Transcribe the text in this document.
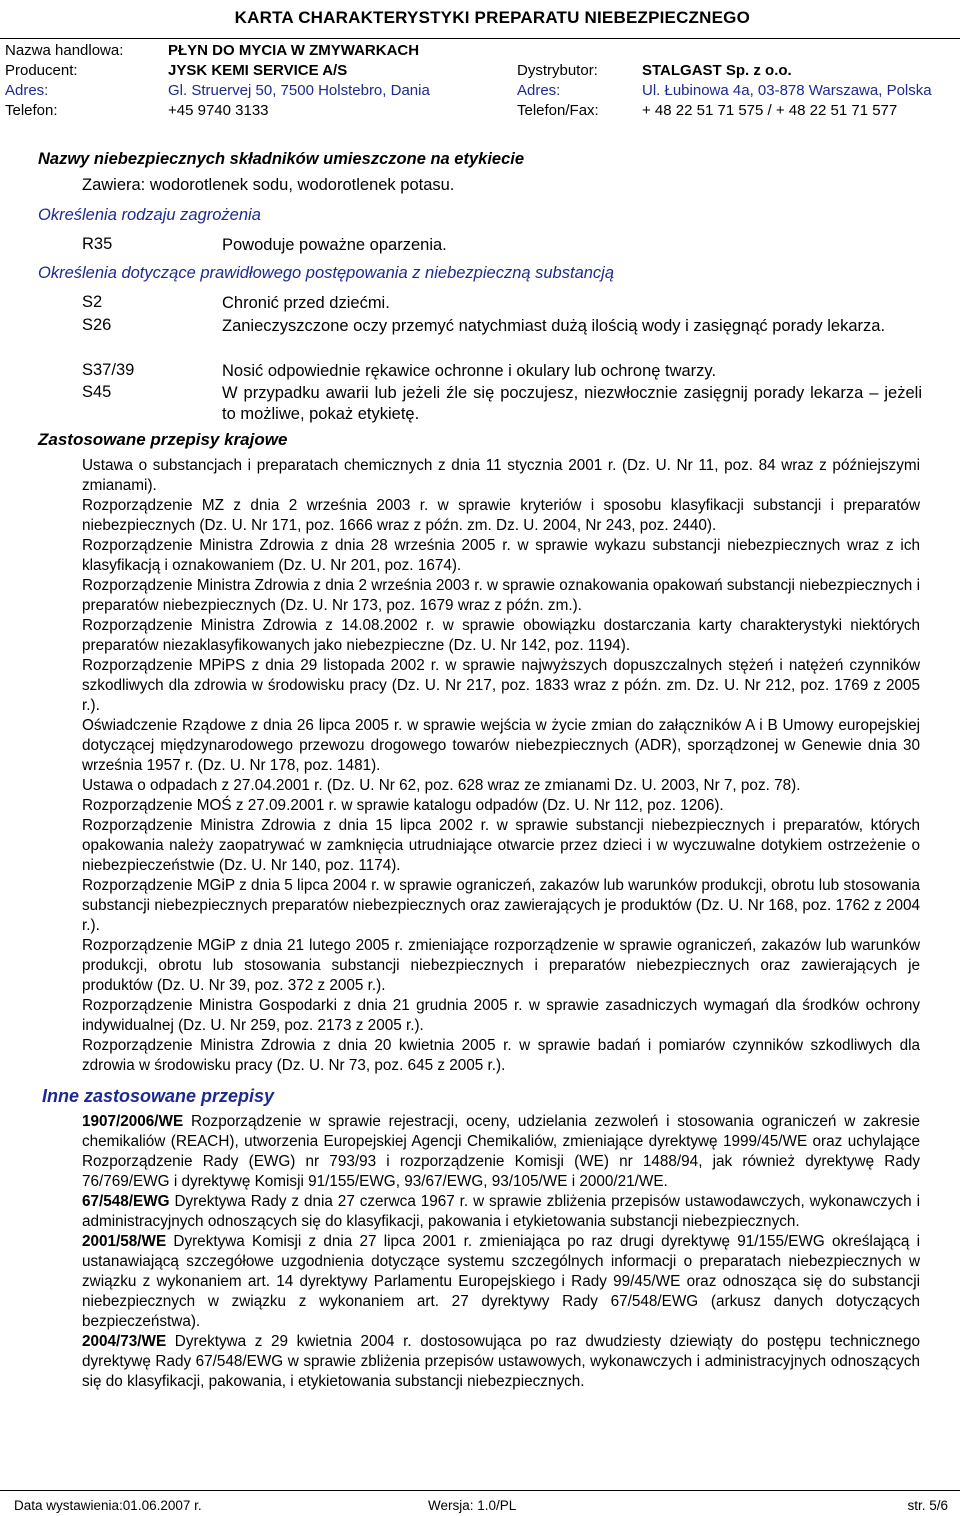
KARTA CHARAKTERYSTYKI PREPARATU NIEBEZPIECZNEGO
Nazwa handlowa:	PŁYN DO MYCIA W ZMYWARKACH
Producent:	JYSK KEMI SERVICE A/S	Dystrybutor:	STALGAST Sp. z o.o.
Adres:	Gl. Struervej 50, 7500 Holstebro, Dania	Adres:	Ul. Łubinowa 4a, 03-878 Warszawa, Polska
Telefon:	+45 9740 3133	Telefon/Fax:	+ 48 22 51 71 575 / + 48 22 51 71 577
Nazwy niebezpiecznych składników umieszczone na etykiecie
Zawiera: wodorotlenek sodu, wodorotlenek potasu.
Określenia rodzaju zagrożenia
R35	Powoduje poważne oparzenia.
Określenia dotyczące prawidłowego postępowania z niebezpieczną substancją
S2	Chronić przed dziećmi.
S26	Zanieczyszczone oczy przemyć natychmiast dużą ilością wody i zasięgnąć porady lekarza.
S37/39	Nosić odpowiednie rękawice ochronne i okulary lub ochronę twarzy.
S45	W przypadku awarii lub jeżeli źle się poczujesz, niezwłocznie zasięgnij porady lekarza – jeżeli to możliwe, pokaż etykietę.
Zastosowane przepisy krajowe

Ustawa o substancjach i preparatach chemicznych z dnia 11 stycznia 2001 r. (Dz. U. Nr 11, poz. 84 wraz z późniejszymi zmianami).

Rozporządzenie MZ z dnia 2 września 2003 r. w sprawie kryteriów i sposobu klasyfikacji substancji i preparatów niebezpiecznych (Dz. U. Nr 171, poz. 1666 wraz z późn. zm. Dz. U. 2004, Nr 243, poz. 2440).

Rozporządzenie Ministra Zdrowia z dnia 28 września 2005 r. w sprawie wykazu substancji niebezpiecznych wraz z ich klasyfikacją i oznakowaniem (Dz. U. Nr 201, poz. 1674).

Rozporządzenie Ministra Zdrowia z dnia 2 września 2003 r. w sprawie oznakowania opakowań substancji niebezpiecznych i preparatów niebezpiecznych (Dz. U. Nr 173, poz. 1679 wraz z późn. zm.).

Rozporządzenie Ministra Zdrowia z 14.08.2002 r. w sprawie obowiązku dostarczania karty charakterystyki niektórych preparatów niezaklasyfikowanych jako niebezpieczne (Dz. U. Nr 142, poz. 1194).

Rozporządzenie MPiPS z dnia 29 listopada 2002 r. w sprawie najwyższych dopuszczalnych stężeń i natężeń czynników szkodliwych dla zdrowia w środowisku pracy (Dz. U. Nr 217, poz. 1833 wraz z późn. zm. Dz. U. Nr 212, poz. 1769 z 2005 r.).

Oświadczenie Rządowe z dnia 26 lipca 2005 r. w sprawie wejścia w życie zmian do załączników A i B Umowy europejskiej dotyczącej międzynarodowego przewozu drogowego towarów niebezpiecznych (ADR), sporządzonej w Genewie dnia 30 września 1957 r. (Dz. U. Nr 178, poz. 1481).

Ustawa o odpadach z 27.04.2001 r. (Dz. U. Nr 62, poz. 628 wraz ze zmianami Dz. U. 2003, Nr 7, poz. 78).

Rozporządzenie MOŚ z 27.09.2001 r. w sprawie katalogu odpadów (Dz. U. Nr 112, poz. 1206).

Rozporządzenie Ministra Zdrowia z dnia 15 lipca 2002 r. w sprawie substancji niebezpiecznych i preparatów, których opakowania należy zaopatrywać w zamknięcia utrudniające otwarcie przez dzieci i w wyczuwalne dotykiem ostrzeżenie o niebezpieczeństwie (Dz. U. Nr 140, poz. 1174).

Rozporządzenie MGiP z dnia 5 lipca 2004 r. w sprawie ograniczeń, zakazów lub warunków produkcji, obrotu lub stosowania substancji niebezpiecznych preparatów niebezpiecznych oraz zawierających je produktów (Dz. U. Nr 168, poz. 1762 z 2004 r.).

Rozporządzenie MGiP z dnia 21 lutego 2005 r. zmieniające rozporządzenie w sprawie ograniczeń, zakazów lub warunków produkcji, obrotu lub stosowania substancji niebezpiecznych i preparatów niebezpiecznych oraz zawierających je produktów (Dz. U. Nr 39, poz. 372 z 2005 r.).

Rozporządzenie Ministra Gospodarki z dnia 21 grudnia 2005 r. w sprawie zasadniczych wymagań dla środków ochrony indywidualnej (Dz. U. Nr 259, poz. 2173 z 2005 r.).

Rozporządzenie Ministra Zdrowia z dnia 20 kwietnia 2005 r. w sprawie badań i pomiarów czynników szkodliwych dla zdrowia w środowisku pracy (Dz. U. Nr 73, poz. 645 z 2005 r.).

Inne zastosowane przepisy

1907/2006/WE Rozporządzenie w sprawie rejestracji, oceny, udzielania zezwoleń i stosowania ograniczeń w zakresie chemikaliów (REACH), utworzenia Europejskiej Agencji Chemikaliów, zmieniające dyrektywę 1999/45/WE oraz uchylające Rozporządzenie Rady (EWG) nr 793/93 i rozporządzenie Komisji (WE) nr 1488/94, jak również dyrektywę Rady 76/769/EWG i dyrektywę Komisji 91/155/EWG, 93/67/EWG, 93/105/WE i 2000/21/WE.

67/548/EWG Dyrektywa Rady z dnia 27 czerwca 1967 r. w sprawie zbliżenia przepisów ustawodawczych, wykonawczych i administracyjnych odnoszących się do klasyfikacji, pakowania i etykietowania substancji niebezpiecznych.

2001/58/WE Dyrektywa Komisji z dnia 27 lipca 2001 r. zmieniająca po raz drugi dyrektywę 91/155/EWG określającą i ustanawiającą szczegółowe uzgodnienia dotyczące systemu szczególnych informacji o preparatach niebezpiecznych w związku z wykonaniem art. 14 dyrektywy Parlamentu Europejskiego i Rady 99/45/WE oraz odnosząca się do substancji niebezpiecznych w związku z wykonaniem art. 27 dyrektywy Rady 67/548/EWG (arkusz danych dotyczących bezpieczeństwa).

2004/73/WE Dyrektywa z 29 kwietnia 2004 r. dostosowująca po raz dwudziesty dziewiąty do postępu technicznego dyrektywę Rady 67/548/EWG w sprawie zbliżenia przepisów ustawowych, wykonawczych i administracyjnych odnoszących się do klasyfikacji, pakowania, i etykietowania substancji niebezpiecznych.

Data wystawienia:01.06.2007 r.	Wersja: 1.0/PL	str. 5/6
